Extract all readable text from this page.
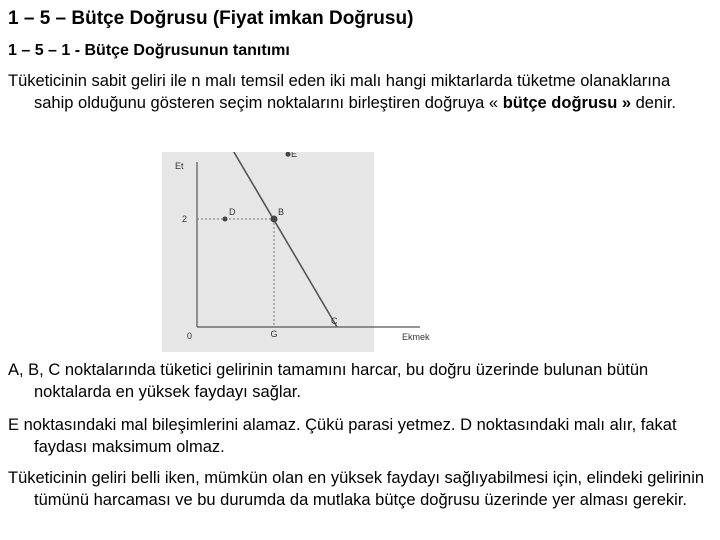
1 – 5 – Bütçe Doğrusu (Fiyat imkan Doğrusu)
1 – 5 – 1 - Bütçe Doğrusunun tanıtımı
Tüketicinin sabit geliri ile n malı temsil eden iki malı hangi miktarlarda tüketme olanaklarına sahip olduğunu gösteren seçim noktalarını birleştiren doğruya « bütçe doğrusu » denir.
Et
Ekmek
0
2
G
B
C
D
E
A, B, C noktalarında tüketici gelirinin tamamını harcar, bu doğru üzerinde bulunan bütün noktalarda en yüksek faydayı sağlar.
E noktasındaki mal bileşimlerini alamaz. Çükü parasi yetmez. D noktasındaki malı alır, fakat faydası maksimum olmaz.
Tüketicinin geliri belli iken, mümkün olan en yüksek faydayı sağlıyabilmesi için, elindeki gelirinin tümünü harcaması ve bu durumda da mutlaka bütçe doğrusu üzerinde yer alması gerekir.
